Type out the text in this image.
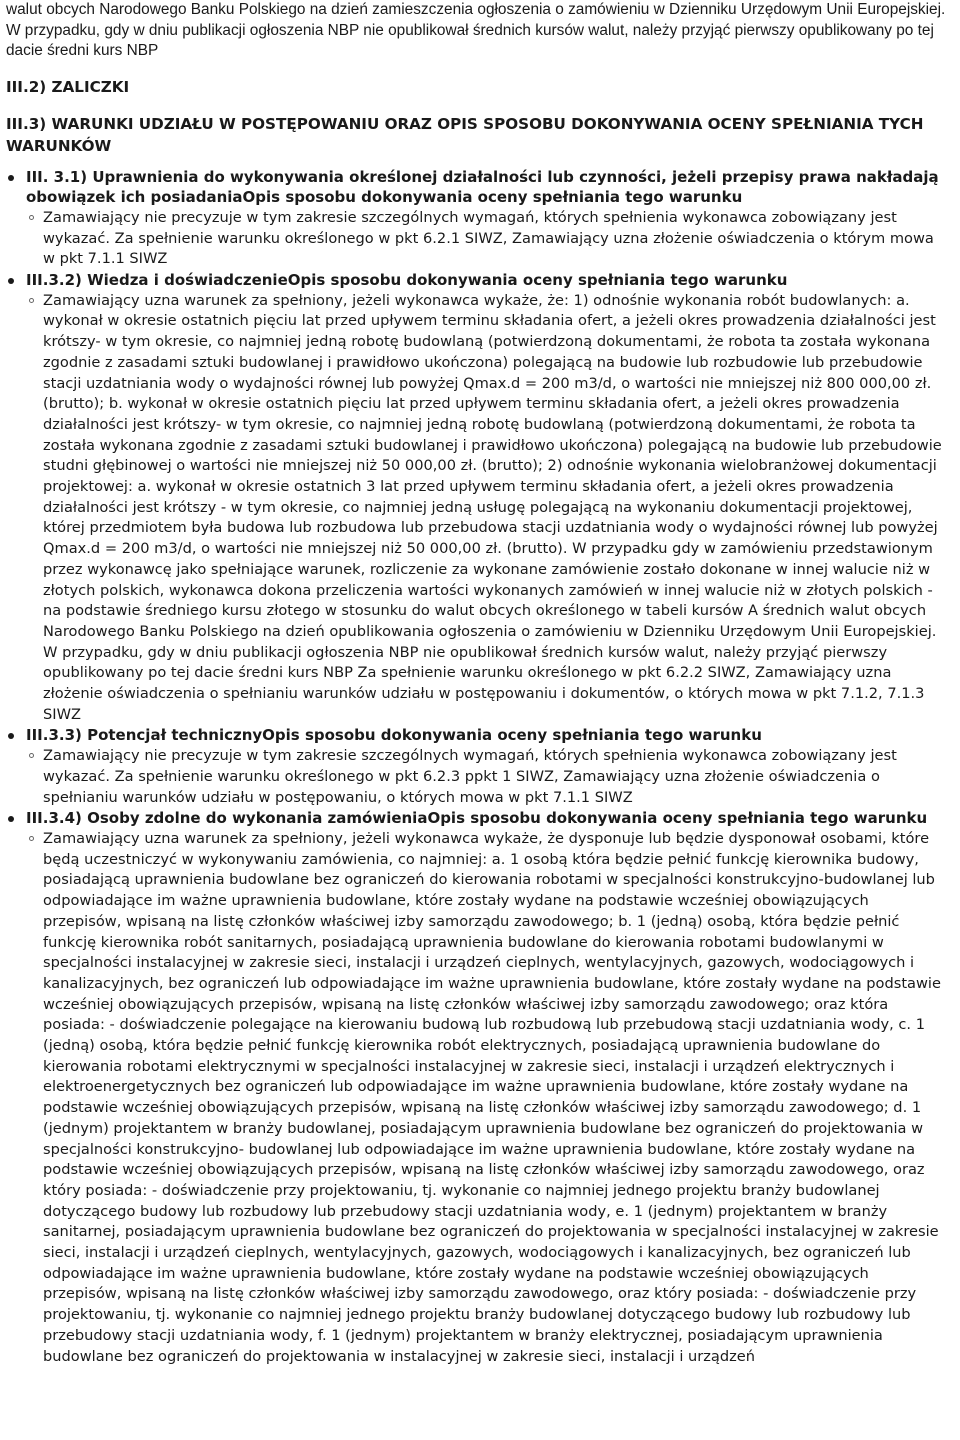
walut obcych Narodowego Banku Polskiego na dzień zamieszczenia ogłoszenia o zamówieniu w Dzienniku Urzędowym Unii Europejskiej. W przypadku, gdy w dniu publikacji ogłoszenia NBP nie opublikował średnich kursów walut, należy przyjąć pierwszy opublikowany po tej dacie średni kurs NBP

III.2) ZALICZKI
III.3) WARUNKI UDZIAŁU W POSTĘPOWANIU ORAZ OPIS SPOSOBU DOKONYWANIA OCENY SPEŁNIANIA TYCH WARUNKÓW

III. 3.1) Uprawnienia do wykonywania określonej działalności lub czynności, jeżeli przepisy prawa nakładają obowiązek ich posiadaniaOpis sposobu dokonywania oceny spełniania tego warunku

Zamawiający nie precyzuje w tym zakresie szczególnych wymagań, których spełnienia wykonawca zobowiązany jest wykazać. Za spełnienie warunku określonego w pkt 6.2.1 SIWZ, Zamawiający uzna złożenie oświadczenia o którym mowa w pkt 7.1.1 SIWZ

III.3.2) Wiedza i doświadczenieOpis sposobu dokonywania oceny spełniania tego warunku

Zamawiający uzna warunek za spełniony, jeżeli wykonawca wykaże, że: 1) odnośnie wykonania robót budowlanych: a. wykonał w okresie ostatnich pięciu lat przed upływem terminu składania ofert, a jeżeli okres prowadzenia działalności jest krótszy- w tym okresie, co najmniej jedną robotę budowlaną (potwierdzoną dokumentami, że robota ta została wykonana zgodnie z zasadami sztuki budowlanej i prawidłowo ukończona) polegającą na budowie lub rozbudowie lub przebudowie stacji uzdatniania wody o wydajności równej lub powyżej Qmax.d = 200 m3/d, o wartości nie mniejszej niż 800 000,00 zł. (brutto); b. wykonał w okresie ostatnich pięciu lat przed upływem terminu składania ofert, a jeżeli okres prowadzenia działalności jest krótszy- w tym okresie, co najmniej jedną robotę budowlaną (potwierdzoną dokumentami, że robota ta została wykonana zgodnie z zasadami sztuki budowlanej i prawidłowo ukończona) polegającą na budowie lub przebudowie studni głębinowej o wartości nie mniejszej niż 50 000,00 zł. (brutto); 2) odnośnie wykonania wielobranżowej dokumentacji projektowej: a. wykonał w okresie ostatnich 3 lat przed upływem terminu składania ofert, a jeżeli okres prowadzenia działalności jest krótszy - w tym okresie, co najmniej jedną usługę polegającą na wykonaniu dokumentacji projektowej, której przedmiotem była budowa lub rozbudowa lub przebudowa stacji uzdatniania wody o wydajności równej lub powyżej Qmax.d = 200 m3/d, o wartości nie mniejszej niż 50 000,00 zł. (brutto). W przypadku gdy w zamówieniu przedstawionym przez wykonawcę jako spełniające warunek, rozliczenie za wykonane zamówienie zostało dokonane w innej walucie niż w złotych polskich, wykonawca dokona przeliczenia wartości wykonanych zamówień w innej walucie niż w złotych polskich - na podstawie średniego kursu złotego w stosunku do walut obcych określonego w tabeli kursów A średnich walut obcych Narodowego Banku Polskiego na dzień opublikowania ogłoszenia o zamówieniu w Dzienniku Urzędowym Unii Europejskiej. W przypadku, gdy w dniu publikacji ogłoszenia NBP nie opublikował średnich kursów walut, należy przyjąć pierwszy opublikowany po tej dacie średni kurs NBP Za spełnienie warunku określonego w pkt 6.2.2 SIWZ, Zamawiający uzna złożenie oświadczenia o spełnianiu warunków udziału w postępowaniu i dokumentów, o których mowa w pkt 7.1.2, 7.1.3 SIWZ

III.3.3) Potencjał technicznyOpis sposobu dokonywania oceny spełniania tego warunku

Zamawiający nie precyzuje w tym zakresie szczególnych wymagań, których spełnienia wykonawca zobowiązany jest wykazać. Za spełnienie warunku określonego w pkt 6.2.3 ppkt 1 SIWZ, Zamawiający uzna złożenie oświadczenia o spełnianiu warunków udziału w postępowaniu, o których mowa w pkt 7.1.1 SIWZ

III.3.4) Osoby zdolne do wykonania zamówieniaOpis sposobu dokonywania oceny spełniania tego warunku

Zamawiający uzna warunek za spełniony, jeżeli wykonawca wykaże, że dysponuje lub będzie dysponował osobami, które będą uczestniczyć w wykonywaniu zamówienia, co najmniej: a. 1 osobą która będzie pełnić funkcję kierownika budowy, posiadającą uprawnienia budowlane bez ograniczeń do kierowania robotami w specjalności konstrukcyjno-budowlanej lub odpowiadające im ważne uprawnienia budowlane, które zostały wydane na podstawie wcześniej obowiązujących przepisów, wpisaną na listę członków właściwej izby samorządu zawodowego; b. 1 (jedną) osobą, która będzie pełnić funkcję kierownika robót sanitarnych, posiadającą uprawnienia budowlane do kierowania robotami budowlanymi w specjalności instalacyjnej w zakresie sieci, instalacji i urządzeń cieplnych, wentylacyjnych, gazowych, wodociągowych i kanalizacyjnych, bez ograniczeń lub odpowiadające im ważne uprawnienia budowlane, które zostały wydane na podstawie wcześniej obowiązujących przepisów, wpisaną na listę członków właściwej izby samorządu zawodowego; oraz która posiada: - doświadczenie polegające na kierowaniu budową lub rozbudową lub przebudową stacji uzdatniania wody, c. 1 (jedną) osobą, która będzie pełnić funkcję kierownika robót elektrycznych, posiadającą uprawnienia budowlane do kierowania robotami elektrycznymi w specjalności instalacyjnej w zakresie sieci, instalacji i urządzeń elektrycznych i elektroenergetycznych bez ograniczeń lub odpowiadające im ważne uprawnienia budowlane, które zostały wydane na podstawie wcześniej obowiązujących przepisów, wpisaną na listę członków właściwej izby samorządu zawodowego; d. 1 (jednym) projektantem w branży budowlanej, posiadającym uprawnienia budowlane bez ograniczeń do projektowania w specjalności konstrukcyjno- budowlanej lub odpowiadające im ważne uprawnienia budowlane, które zostały wydane na podstawie wcześniej obowiązujących przepisów, wpisaną na listę członków właściwej izby samorządu zawodowego, oraz który posiada: - doświadczenie przy projektowaniu, tj. wykonanie co najmniej jednego projektu branży budowlanej dotyczącego budowy lub rozbudowy lub przebudowy stacji uzdatniania wody, e. 1 (jednym) projektantem w branży sanitarnej, posiadającym uprawnienia budowlane bez ograniczeń do projektowania w specjalności instalacyjnej w zakresie sieci, instalacji i urządzeń cieplnych, wentylacyjnych, gazowych, wodociągowych i kanalizacyjnych, bez ograniczeń lub odpowiadające im ważne uprawnienia budowlane, które zostały wydane na podstawie wcześniej obowiązujących przepisów, wpisaną na listę członków właściwej izby samorządu zawodowego, oraz który posiada: - doświadczenie przy projektowaniu, tj. wykonanie co najmniej jednego projektu branży budowlanej dotyczącego budowy lub rozbudowy lub przebudowy stacji uzdatniania wody, f. 1 (jednym) projektantem w branży elektrycznej, posiadającym uprawnienia budowlane bez ograniczeń do projektowania w instalacyjnej w zakresie sieci, instalacji i urządzeń
